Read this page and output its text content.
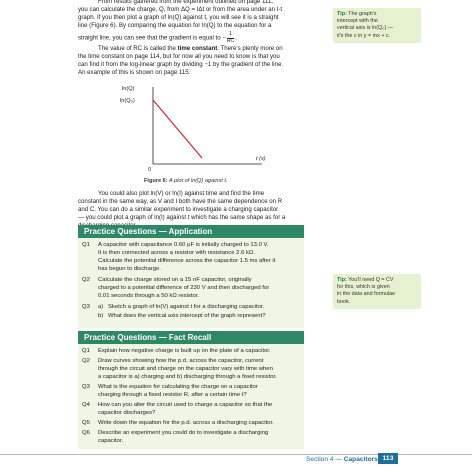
From results gathered from the experiment outlined on page 111,
you can calculate the charge, Q, from ΔQ = IΔt or from the area under an I-t
graph. If you then plot a graph of ln(Q) against t, you will see it is a straight
line (Figure 6). By comparing the equation for ln(Q) to the equation for a
straight line, you can see that the gradient is equal to − $\frac{1}{RC}$ .
The value of RC is called the time constant. There's plenty more on
the time constant on page 114, but for now all you need to know is that you
can find it from the log-linear graph by dividing −1 by the gradient of the line.
An example of this is shown on page 115.
ln(Q)
ln(Q₀)
t (s)
0
Figure 6: A plot of ln(Q) against t.
You could also plot ln(V) or ln(I) against time and find the time
constant in the same way, as V and I both have the same dependence on R
and C. You can do a similar experiment to investigate a charging capacitor
— you could plot a graph of ln(I) against t which has the same shape as for a
Tip: The graph's
intercept with the
vertical axis is ln(Q₀) —
it's the c in y = mx + c.
Tip: You'll need Q = CV
for this, which is given
in the data and formulae
book.
Practice Questions — Application
Q1 A capacitor with capacitance 0.60 μF is initially charged to 13.0 V.
It is then connected across a resistor with resistance 2.6 kΩ.
Calculate the potential difference across the capacitor 1.5 ms after it
has begun to discharge.
Q2 Calculate the charge stored on a 15 nF capacitor, originally
charged to a potential difference of 230 V and then discharged for
0.01 seconds through a 50 kΩ resistor.
Q3 a) Sketch a graph of ln(V) against t for a discharging capacitor.
b) What does the vertical axis intercept of the graph represent?
Practice Questions — Fact Recall
Q1 Explain how negative charge is built up on the plate of a capacitor.
Q2 Draw curves showing how the p.d. across the capacitor, current
through the circuit and charge on the capacitor vary with time when
a capacitor is a) charging and b) discharging through a fixed resistor.
Q3 What is the equation for calculating the charge on a capacitor
charging through a fixed resistor R, after a certain time t?
Q4 How can you alter the circuit used to charge a capacitor so that the
capacitor discharges?
Q5 Write down the equation for the p.d. across a discharging capacitor.
Q6 Describe an experiment you could do to investigate a discharging
capacitor.
Section 4 — Capacitors 113
